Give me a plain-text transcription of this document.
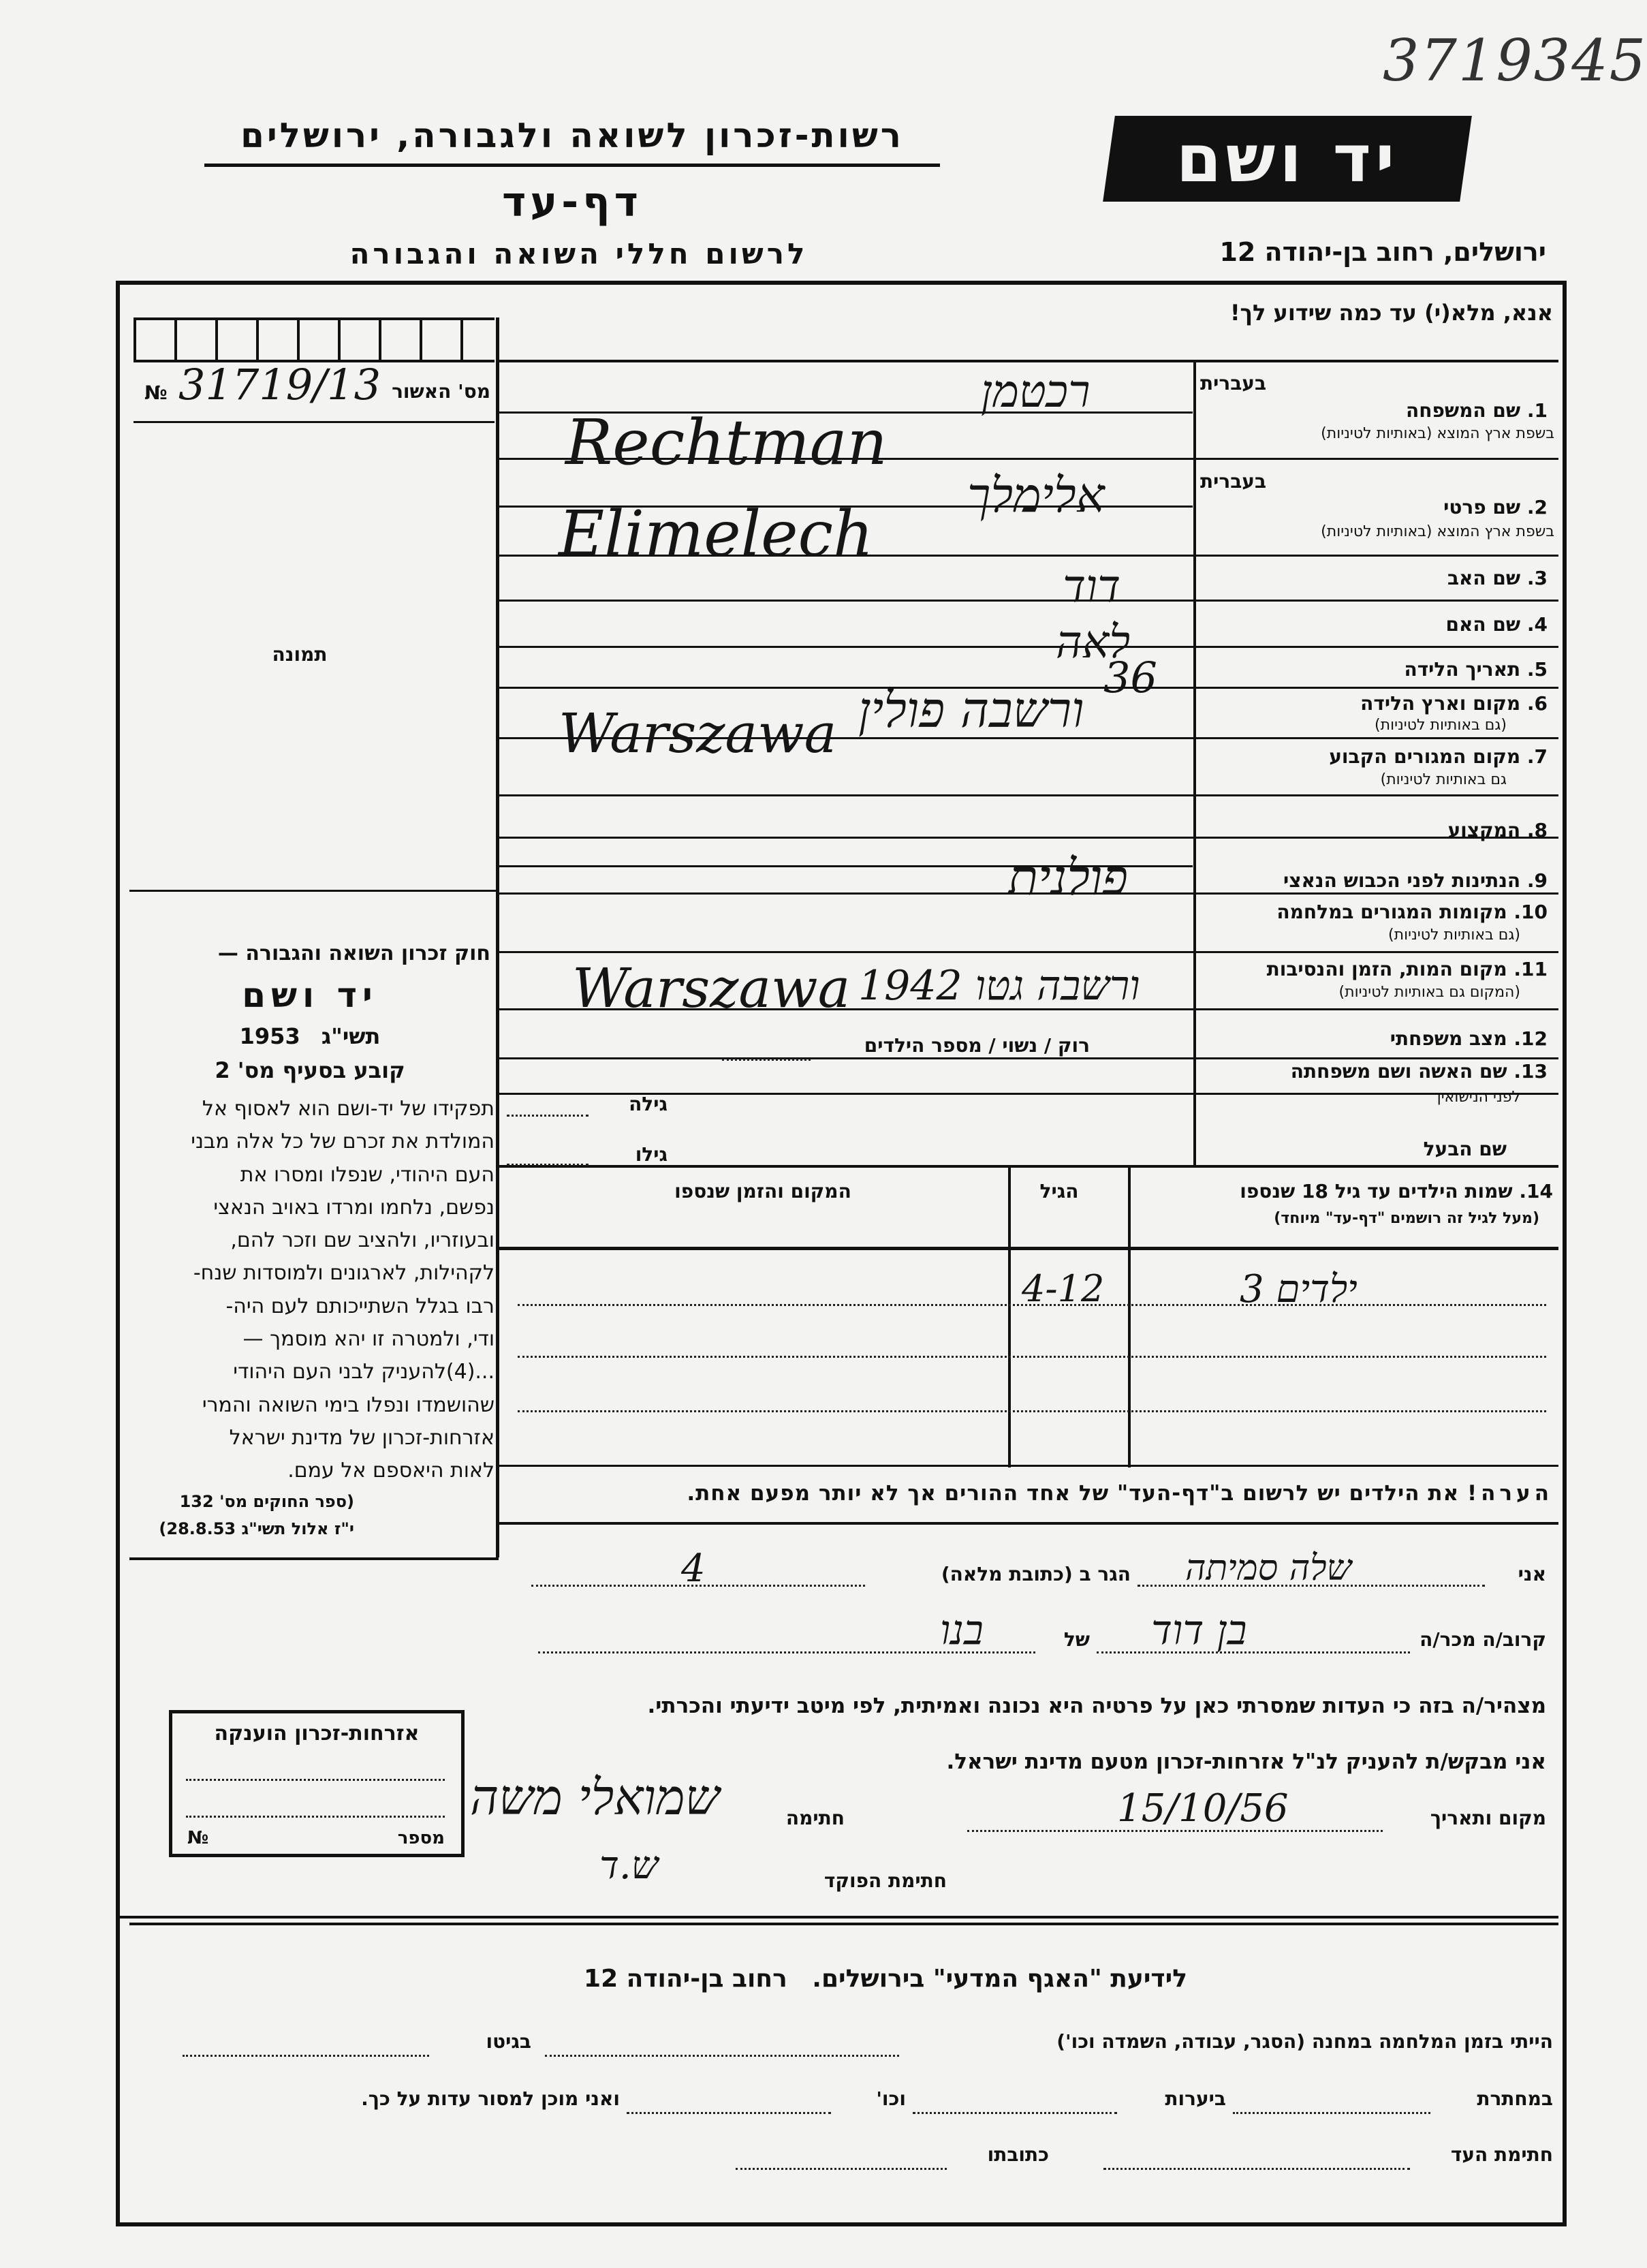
3719345
רשות-זכרון לשואה ולגבורה, ירושלים
דף-עד
לרשום חללי השואה והגבורה
יד ושם
ירושלים, רחוב בן-יהודה 12
אנא, מלא(י) עד כמה שידוע לך!
№ 31719/13 מס' האשור
תמונה
חוק זכרון השואה והגבורה —
יד ושם
1953 תשי"ג
קובע בסעיף מס' 2
תפקידו של יד-ושם הוא לאסוף אל
המולדת את זכרם של כל אלה מבני
העם היהודי, שנפלו ומסרו את
נפשם, נלחמו ומרדו באויב הנאצי
ובעוזריו, ולהציב שם וזכר להם,
לקהילות, לארגונים ולמוסדות שנח-
רבו בגלל השתייכותם לעם היה-
ודי, ולמטרה זו יהא מוסמך —
...(4)להעניק לבני העם היהודי
שהושמדו ונפלו בימי השואה והמרי
אזרחות-זכרון של מדינת ישראל
לאות היאספם אל עמם.
(ספר החוקים מס' 132
י"ז אלול תשי"ג 28.8.53)
בעברית
1. שם המשפחה
בשפת ארץ המוצא (באותיות לטיניות)
בעברית
2. שם פרטי
בשפת ארץ המוצא (באותיות לטיניות)
3. שם האב
4. שם האם
5. תאריך הלידה
6. מקום וארץ הלידה
(גם באותיות לטיניות)
7. מקום המגורים הקבוע
גם באותיות לטיניות)
8. המקצוע
9. הנתינות לפני הכבוש הנאצי
10. מקומות המגורים במלחמה
(גם באותיות לטיניות)
11. מקום המות, הזמן והנסיבות
(המקום גם באותיות לטיניות)
12. מצב משפחתי
13. שם האשה ושם משפחתה
לפני הנישואין
שם הבעל
רכטמן
Rechtman
אלימלך
Elimelech
דוד
לאה
36
ורשבה פולין
Warszawa
פולנית
ורשבה גטו 1942
Warszawa
רוק / נשוי / מספר הילדים
גילה
גילו
14. שמות הילדים עד גיל 18 שנספו
(מעל לגיל זה רושמים "דף-עד" מיוחד)
הגיל
המקום והזמן שנספו
3 ילדים
4-12
הערה! את הילדים יש לרשום ב"דף-העד" של אחד ההורים אך לא יותר מפעם אחת.
אני
שלה סמיתה
הגר ב (כתובת מלאה)
4
קרוב/ה מכר/ה
בן דוד
של
בנו
מצהיר/ה בזה כי העדות שמסרתי כאן על פרטיה היא נכונה ואמיתית, לפי מיטב ידיעתי והכרתי.
אני מבקש/ת להעניק לנ"ל אזרחות-זכרון מטעם מדינת ישראל.
מקום ותאריך
15/10/56
חתימה
שמואלי משה
חתימת הפוקד
ש.ד
אזרחות-זכרון הוענקה
№	מספר
לידיעת "האגף המדעי" בירושלים. רחוב בן-יהודה 12
הייתי בזמן המלחמה במחנה (הסגר, עבודה, השמדה וכו')
בגיטו
במחתרת
ביערות
וכו'
ואני מוכן למסור עדות על כך.
חתימת העד
כתובתו
